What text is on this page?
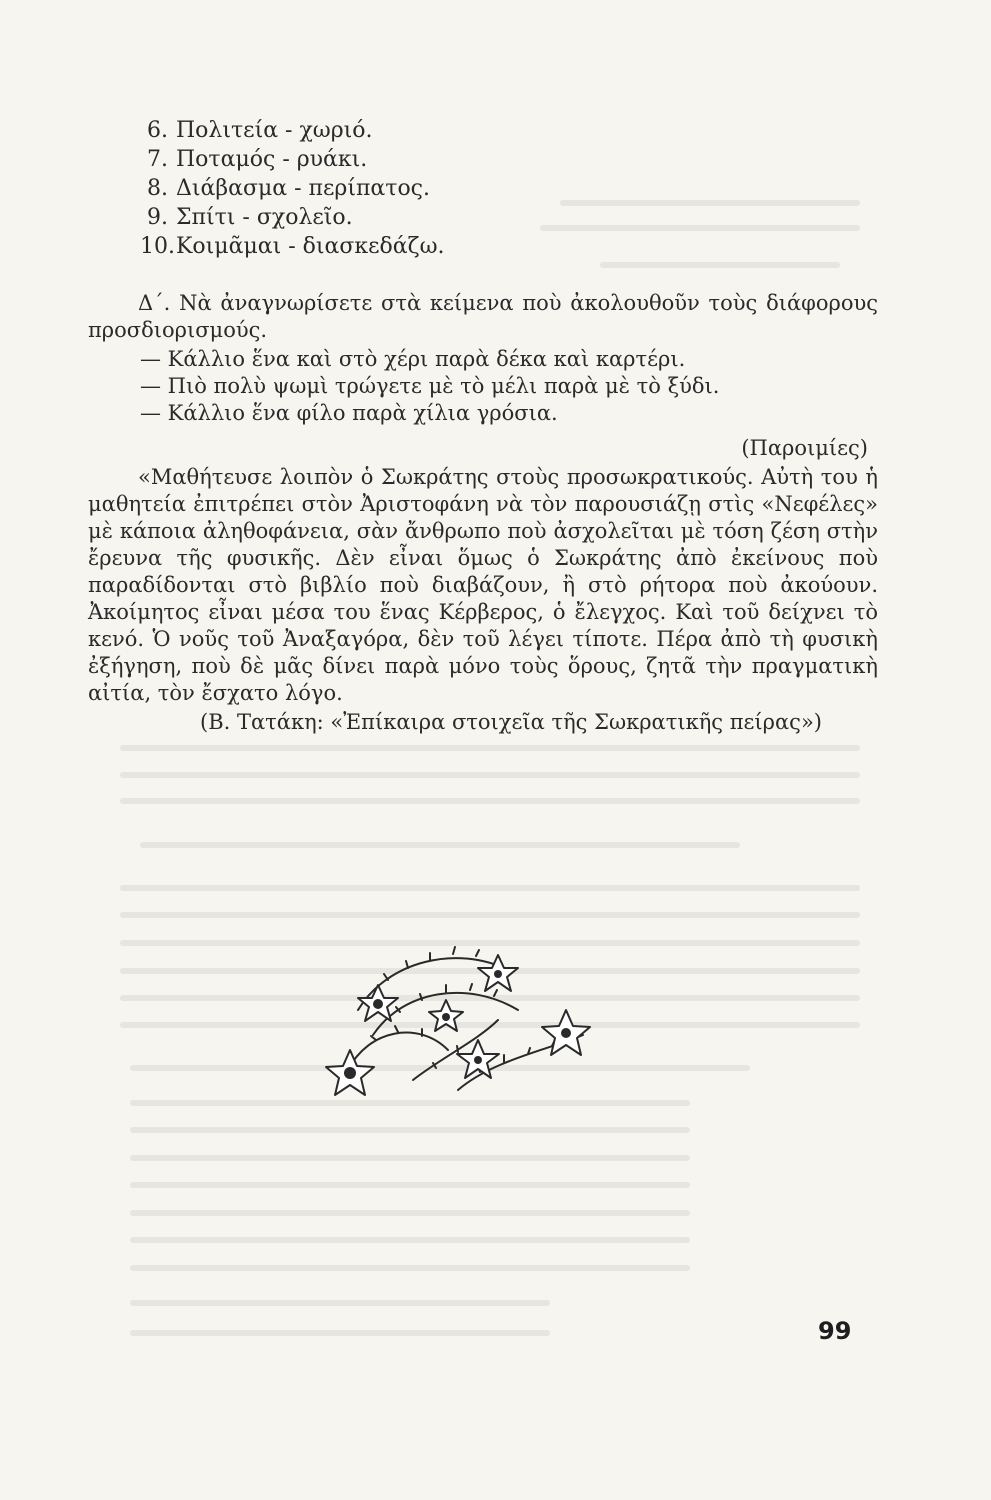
6. Πολιτεία - χωριό.
7. Ποταμός - ρυάκι.
8. Διάβασμα - περίπατος.
9. Σπίτι - σχολεῖο.
10. Κοιμᾶμαι - διασκεδάζω.

Δ΄. Νὰ ἀναγνωρίσετε στὰ κείμενα ποὺ ἀκολουθοῦν τοὺς διάφορους προσδιορισμούς.

— Κάλλιο ἕνα καὶ στὸ χέρι παρὰ δέκα καὶ καρτέρι.
— Πιὸ πολὺ ψωμὶ τρώγετε μὲ τὸ μέλι παρὰ μὲ τὸ ξύδι.
— Κάλλιο ἕνα φίλο παρὰ χίλια γρόσια.

(Παροιμίες)

«Μαθήτευσε λοιπὸν ὁ Σωκράτης στοὺς προσωκρατικούς. Αὐτὴ του ἡ μαθητεία ἐπιτρέπει στὸν Ἀριστοφάνη νὰ τὸν παρουσιάζῃ στὶς «Νεφέλες» μὲ κάποια ἀληθοφάνεια, σὰν ἄνθρωπο ποὺ ἀσχολεῖται μὲ τόση ζέση στὴν ἔρευνα τῆς φυσικῆς. Δὲν εἶναι ὅμως ὁ Σωκράτης ἀπὸ ἐκείνους ποὺ παραδίδονται στὸ βιβλίο ποὺ διαβάζουν, ἢ στὸ ρήτορα ποὺ ἀκούουν. Ἀκοίμητος εἶναι μέσα του ἕνας Κέρβερος, ὁ ἔλεγχος. Καὶ τοῦ δείχνει τὸ κενό. Ὁ νοῦς τοῦ Ἀναξαγόρα, δὲν τοῦ λέγει τίποτε. Πέρα ἀπὸ τὴ φυσικὴ ἐξήγηση, ποὺ δὲ μᾶς δίνει παρὰ μόνο τοὺς ὅρους, ζητᾶ τὴν πραγματικὴ αἰτία, τὸν ἔσχατο λόγο.

(Β. Τατάκη: «Ἐπίκαιρα στοιχεῖα τῆς Σωκρατικῆς πείρας»)

99
